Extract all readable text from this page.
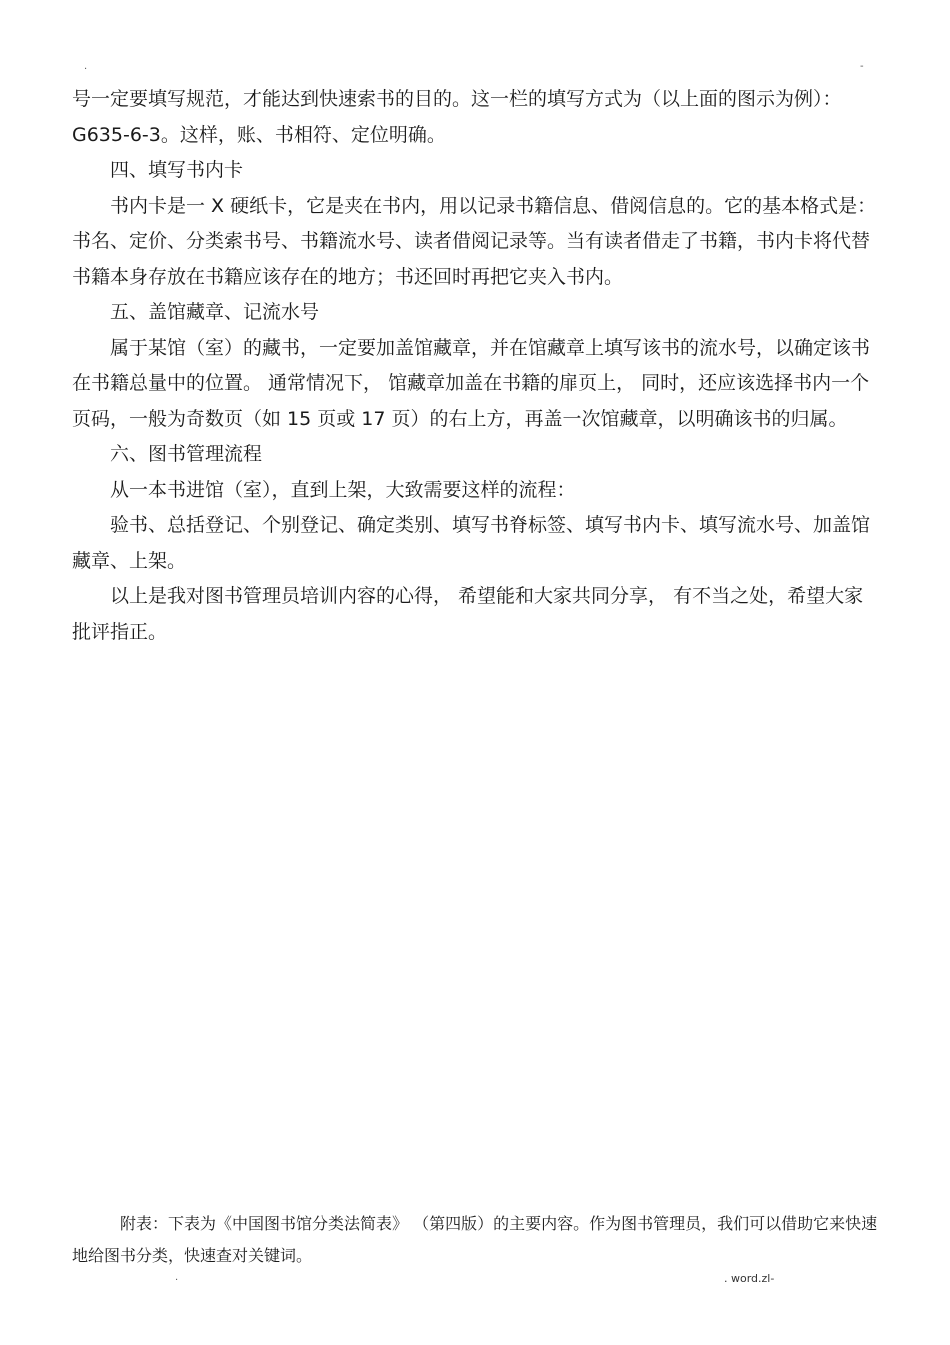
.	-

号一定要填写规范，才能达到快速索书的目的。这一栏的填写方式为（以上面的图示为例）：G635-6-3。这样，账、书相符、定位明确。

四、填写书内卡

书内卡是一 X 硬纸卡，它是夹在书内，用以记录书籍信息、借阅信息的。它的基本格式是：书名、定价、分类索书号、书籍流水号、读者借阅记录等。当有读者借走了书籍，书内卡将代替书籍本身存放在书籍应该存在的地方；书还回时再把它夹入书内。

五、盖馆藏章、记流水号

属于某馆（室）的藏书，一定要加盖馆藏章，并在馆藏章上填写该书的流水号，以确定该书在书籍总量中的位置。 通常情况下， 馆藏章加盖在书籍的扉页上， 同时，还应该选择书内一个页码，一般为奇数页（如 15 页或 17 页）的右上方，再盖一次馆藏章，以明确该书的归属。

六、图书管理流程

从一本书进馆（室），直到上架，大致需要这样的流程：

验书、总括登记、个别登记、确定类别、填写书脊标签、填写书内卡、填写流水号、加盖馆藏章、上架。

以上是我对图书管理员培训内容的心得， 希望能和大家共同分享， 有不当之处，希望大家批评指正。

附表：下表为《中国图书馆分类法简表》 （第四版）的主要内容。作为图书管理员，我们可以借助它来快速地给图书分类，快速查对关键词。

.	. word.zl-
